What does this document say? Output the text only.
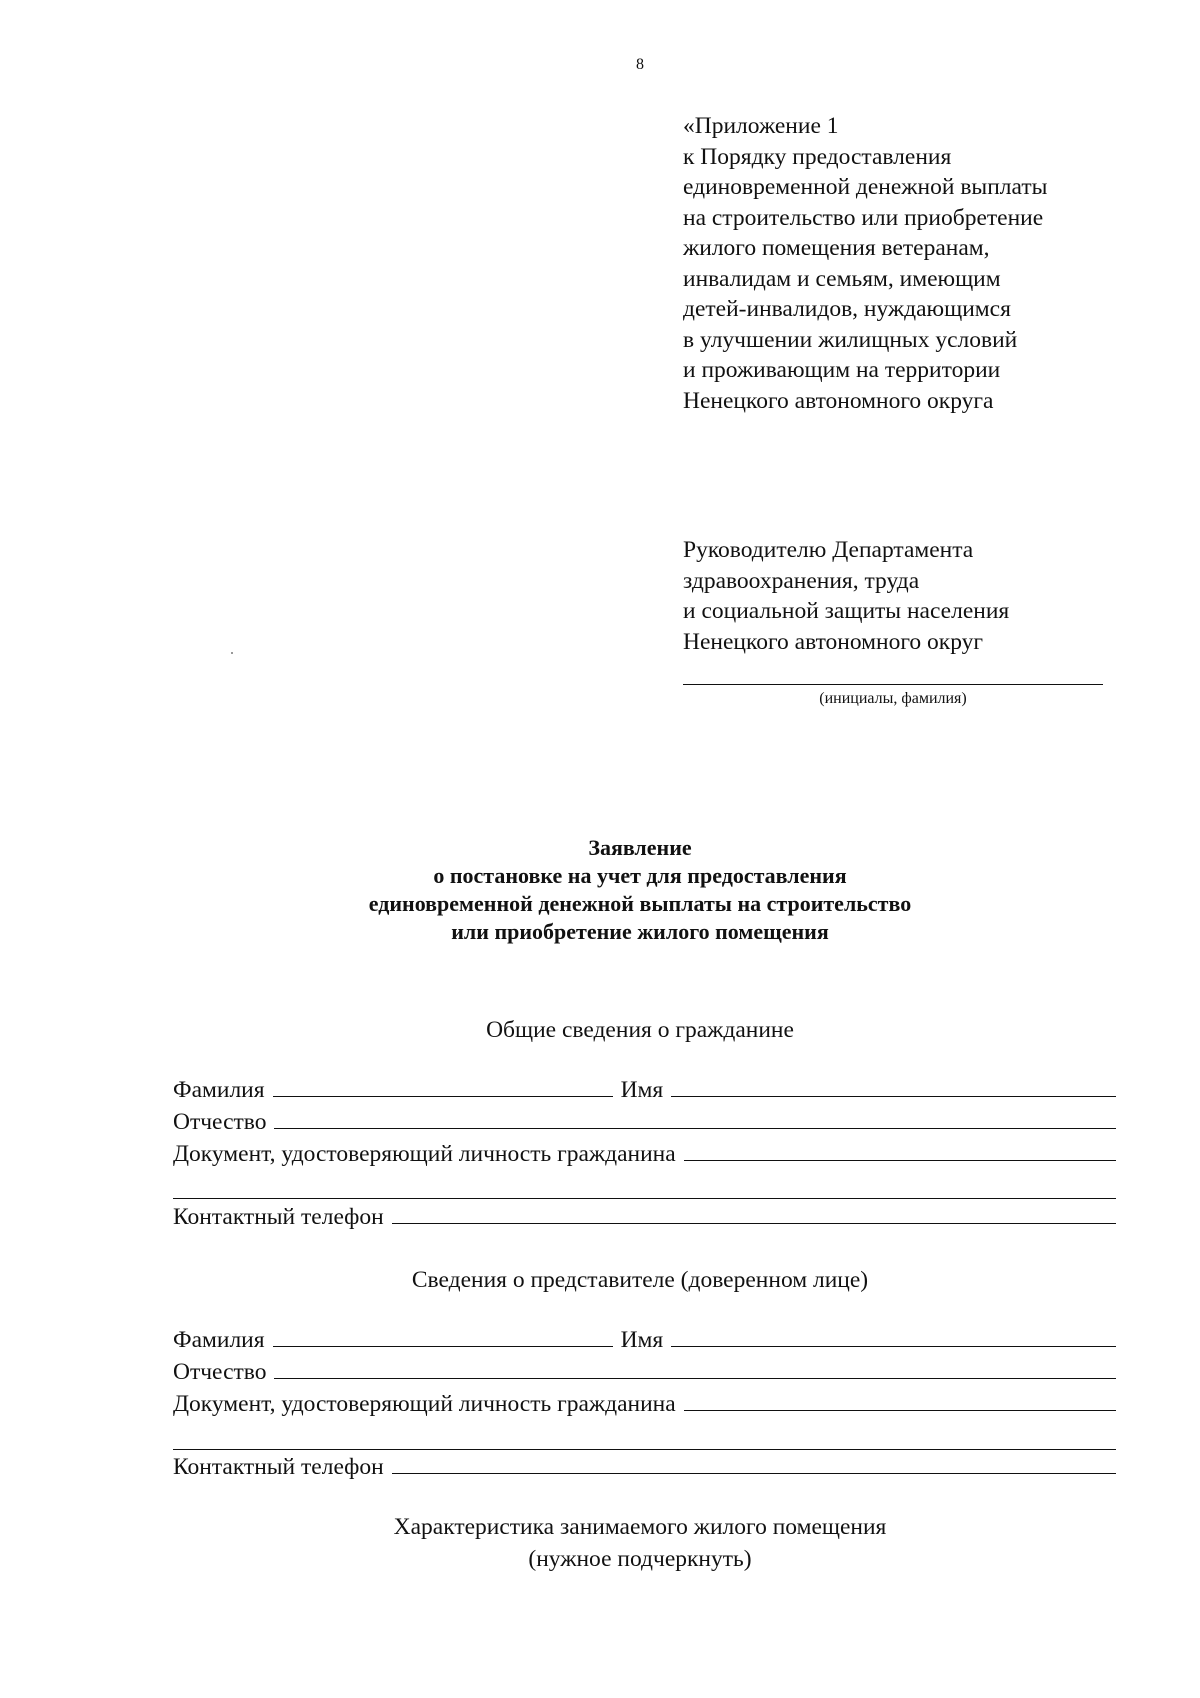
8
«Приложение 1
к Порядку предоставления
единовременной денежной выплаты
на строительство или приобретение
жилого помещения ветеранам,
инвалидам и семьям, имеющим
детей-инвалидов, нуждающимся
в улучшении жилищных условий
и проживающим на территории
Ненецкого автономного округа
Руководителю Департамента
здравоохранения, труда
и социальной защиты населения
Ненецкого автономного округ
(инициалы, фамилия)
Заявление
о постановке на учет для предоставления
единовременной денежной выплаты на строительство
или приобретение жилого помещения
Общие сведения о гражданине
Фамилия	Имя
Отчество
Документ, удостоверяющий личность гражданина
Контактный телефон
Сведения о представителе (доверенном лице)
Фамилия	Имя
Отчество
Документ, удостоверяющий личность гражданина
Контактный телефон
Характеристика занимаемого жилого помещения
(нужное подчеркнуть)
